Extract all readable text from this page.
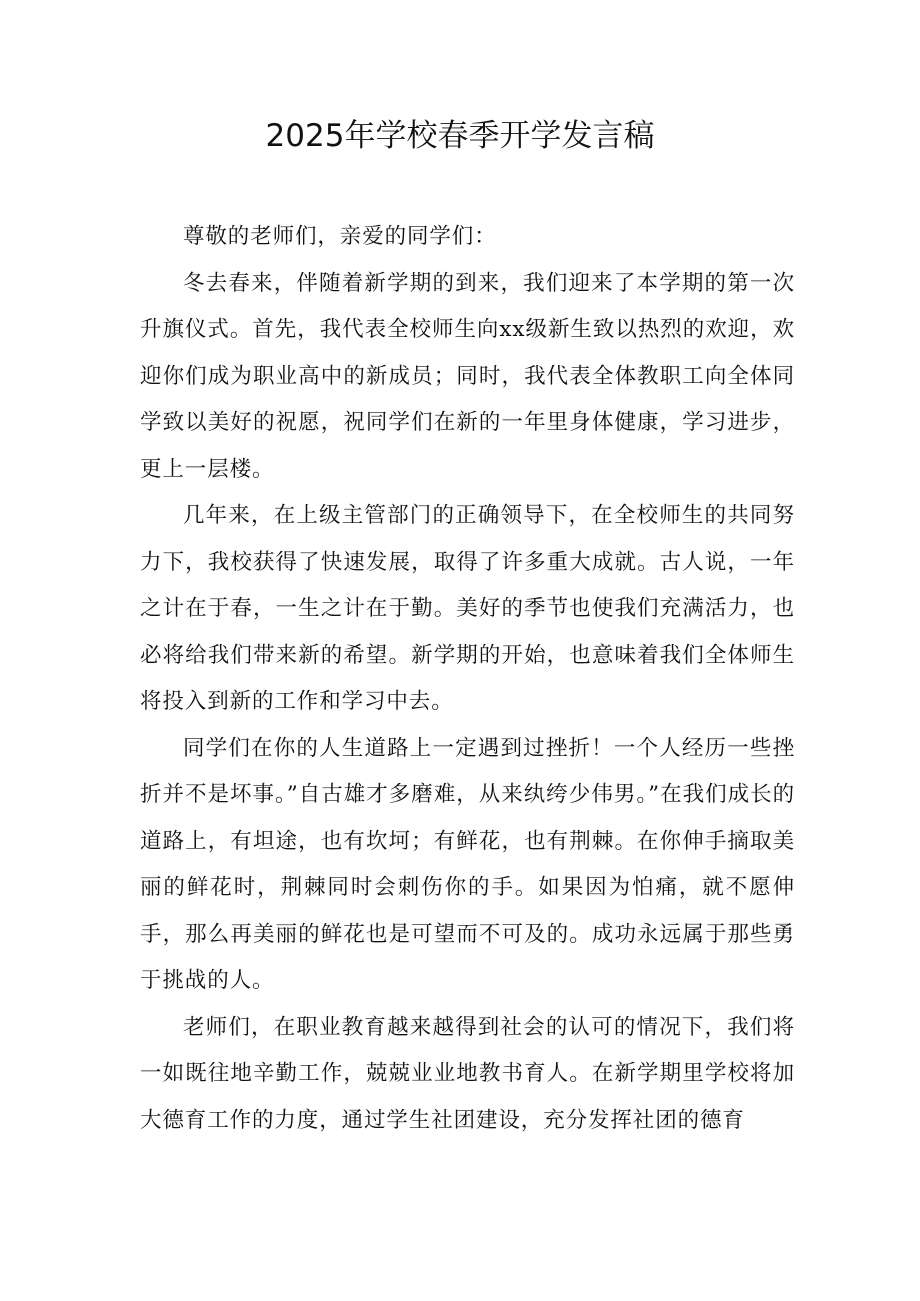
2025年学校春季开学发言稿

尊敬的老师们，亲爱的同学们：

冬去春来，伴随着新学期的到来，我们迎来了本学期的第一次升旗仪式。首先，我代表全校师生向xx级新生致以热烈的欢迎，欢迎你们成为职业高中的新成员；同时，我代表全体教职工向全体同学致以美好的祝愿，祝同学们在新的一年里身体健康，学习进步，更上一层楼。

几年来，在上级主管部门的正确领导下，在全校师生的共同努力下，我校获得了快速发展，取得了许多重大成就。古人说，一年之计在于春，一生之计在于勤。美好的季节也使我们充满活力，也必将给我们带来新的希望。新学期的开始，也意味着我们全体师生将投入到新的工作和学习中去。

同学们在你的人生道路上一定遇到过挫折！一个人经历一些挫折并不是坏事。”自古雄才多磨难，从来纨绔少伟男。”在我们成长的道路上，有坦途，也有坎坷；有鲜花，也有荆棘。在你伸手摘取美丽的鲜花时，荆棘同时会刺伤你的手。如果因为怕痛，就不愿伸手，那么再美丽的鲜花也是可望而不可及的。成功永远属于那些勇于挑战的人。

老师们，在职业教育越来越得到社会的认可的情况下，我们将一如既往地辛勤工作，兢兢业业地教书育人。在新学期里学校将加大德育工作的力度，通过学生社团建设，充分发挥社团的德育
